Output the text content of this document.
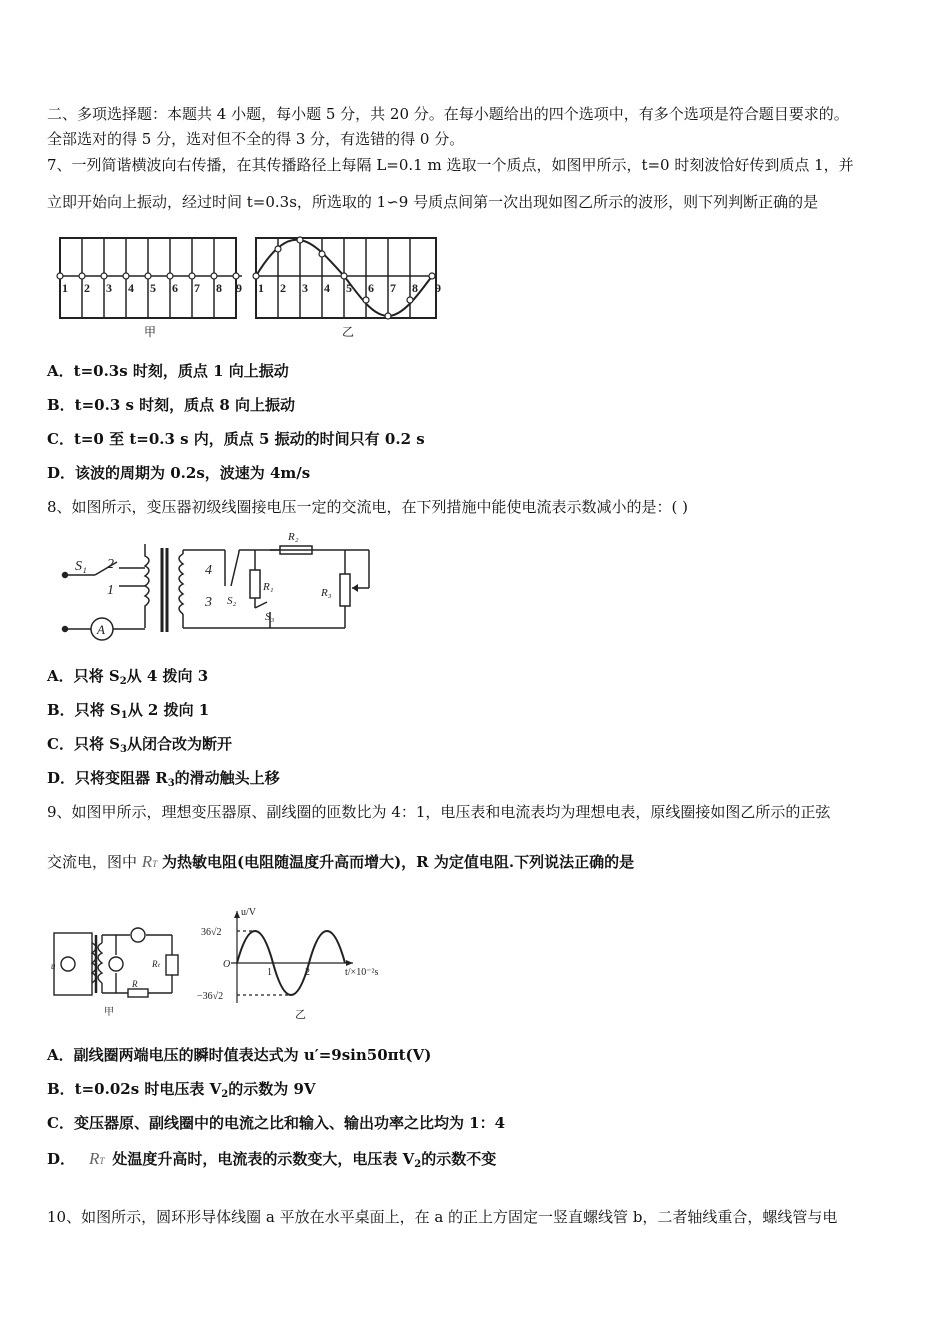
二、多项选择题：本题共 4 小题，每小题 5 分，共 20 分。在每小题给出的四个选项中，有多个选项是符合题目要求的。
全部选对的得 5 分，选对但不全的得 3 分，有选错的得 0 分。
7、一列简谐横波向右传播，在其传播路径上每隔 L=0.1 m 选取一个质点，如图甲所示，t=0 时刻波恰好传到质点 1，并
立即开始向上振动，经过时间 t=0.3s，所选取的 1∽9 号质点间第一次出现如图乙所示的波形，则下列判断正确的是
1 2 3 4 5 6 7 8 9
甲
1 2 3 4 5 6 7 8 9
乙
A．t=0.3s 时刻，质点 1 向上振动
B．t=0.3 s 时刻，质点 8 向上振动
C．t=0 至 t=0.3 s 内，质点 5 振动的时间只有 0.2 s
D．该波的周期为 0.2s，波速为 4m/s
8、如图所示，变压器初级线圈接电压一定的交流电，在下列措施中能使电流表示数减小的是：( )
S₁ 2
1
4
3 S₂
S₃
R₁
R₂
R₃
A
A．只将 $S_2$从 4 拨向 3
B．只将 $S_1$从 2 拨向 1
C．只将 $S_3$从闭合改为断开
D．只将变阻器 $R_3$的滑动触头上移
9、如图甲所示，理想变压器原、副线圈的匝数比为 4：1，电压表和电流表均为理想电表，原线圈接如图乙所示的正弦
交流电，图中 RT 为热敏电阻(电阻随温度升高而增大)，R 为定值电阻.下列说法正确的是
u
R
Rₜ
甲
u/V
36√2
O
−36√2
1	2	t/×10⁻²s
乙
A．副线圈两端电压的瞬时值表达式为 u′=9sin50πt(V)
B．t=0.02s 时电压表 $V_2$的示数为 9V
C．变压器原、副线圈中的电流之比和输入、输出功率之比均为 1：4
D． RT 处温度升高时，电流表的示数变大，电压表 $V_2$的示数不变
10、如图所示，圆环形导体线圈 a 平放在水平桌面上，在 a 的正上方固定一竖直螺线管 b，二者轴线重合，螺线管与电
